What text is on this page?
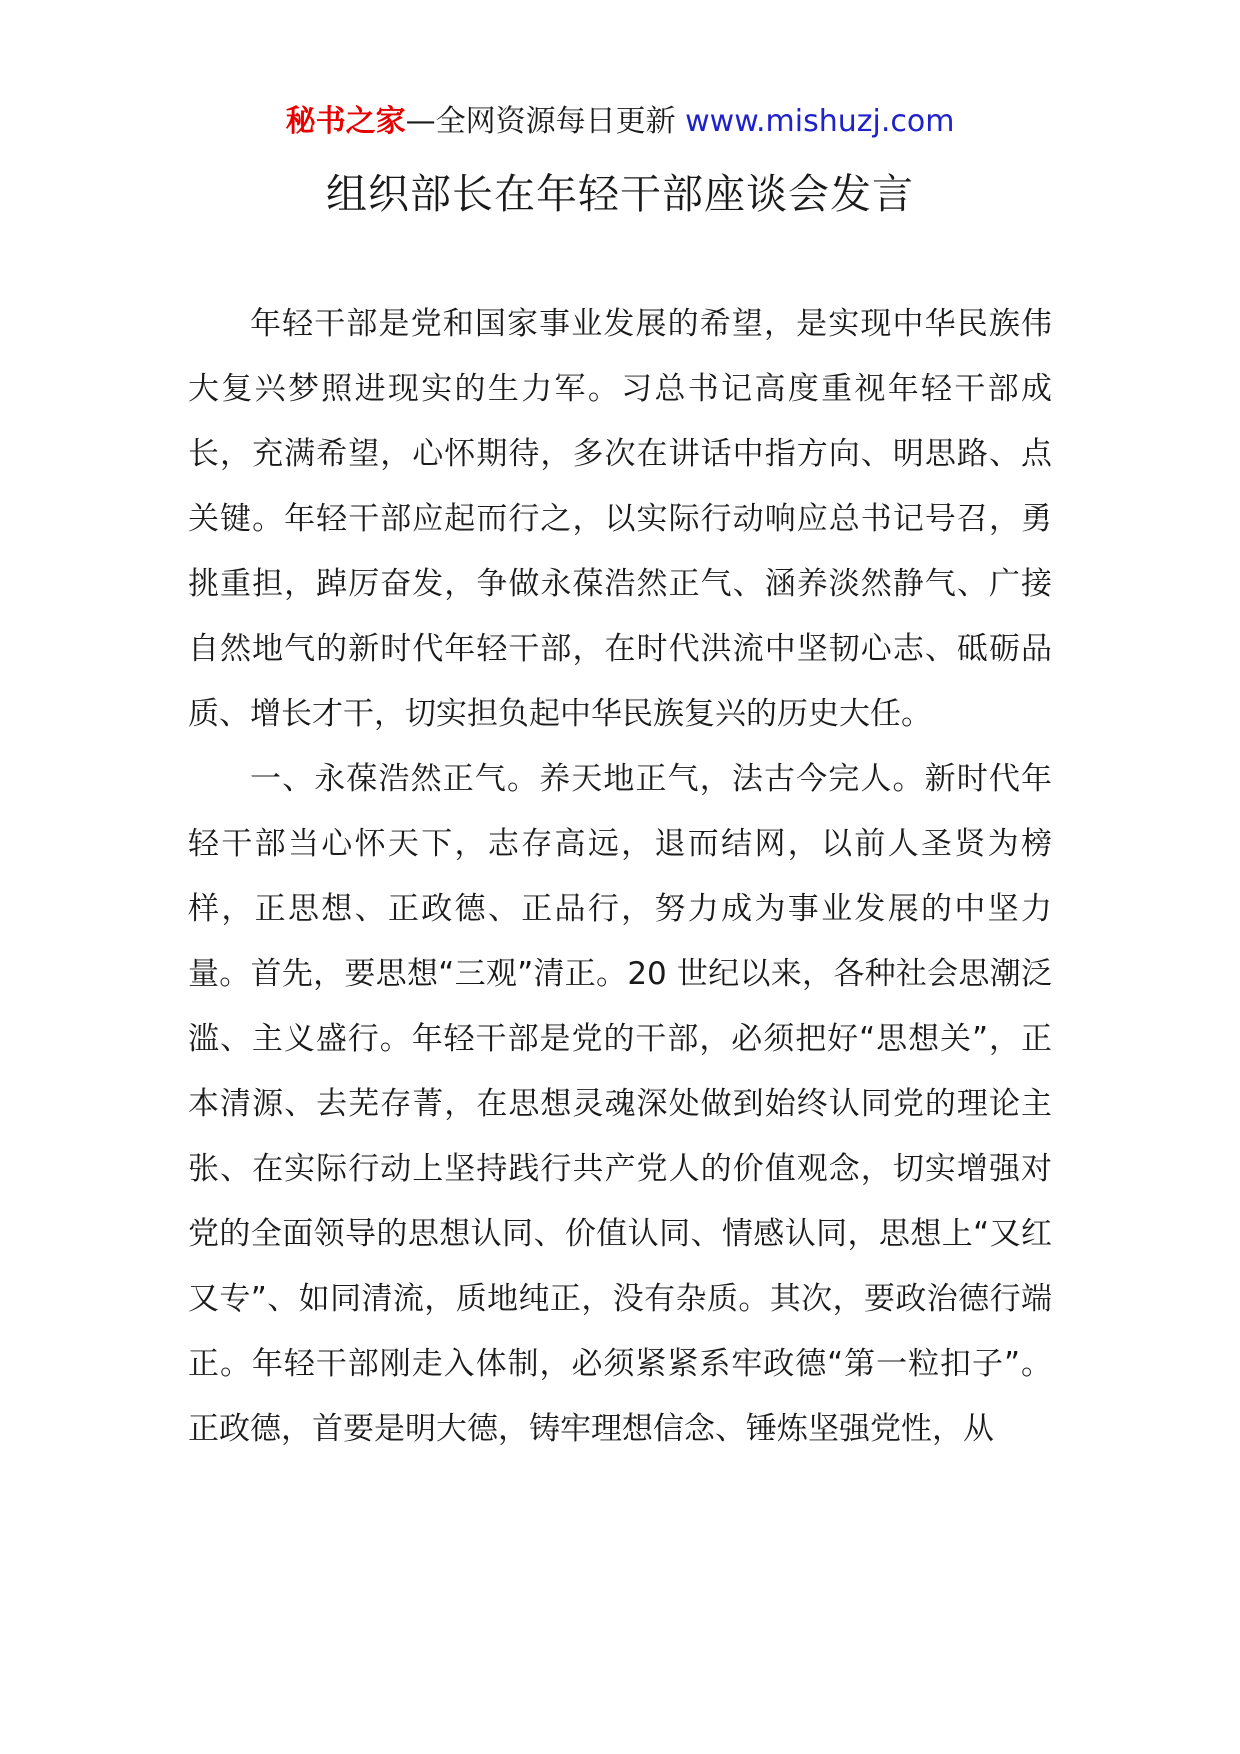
秘书之家—全网资源每日更新 www.mishuzj.com
组织部长在年轻干部座谈会发言

年轻干部是党和国家事业发展的希望，是实现中华民族伟大复兴梦照进现实的生力军。习总书记高度重视年轻干部成长，充满希望，心怀期待，多次在讲话中指方向、明思路、点关键。年轻干部应起而行之，以实际行动响应总书记号召，勇挑重担，踔厉奋发，争做永葆浩然正气、涵养淡然静气、广接自然地气的新时代年轻干部，在时代洪流中坚韧心志、砥砺品质、增长才干，切实担负起中华民族复兴的历史大任。

一、永葆浩然正气。养天地正气，法古今完人。新时代年轻干部当心怀天下，志存高远，退而结网，以前人圣贤为榜样，正思想、正政德、正品行，努力成为事业发展的中坚力量。首先，要思想“三观”清正。20 世纪以来，各种社会思潮泛滥、主义盛行。年轻干部是党的干部，必须把好“思想关”，正本清源、去芜存菁，在思想灵魂深处做到始终认同党的理论主张、在实际行动上坚持践行共产党人的价值观念，切实增强对党的全面领导的思想认同、价值认同、情感认同，思想上“又红又专”、如同清流，质地纯正，没有杂质。其次，要政治德行端正。年轻干部刚走入体制，必须紧紧系牢政德“第一粒扣子”。正政德，首要是明大德，铸牢理想信念、锤炼坚强党性，从
